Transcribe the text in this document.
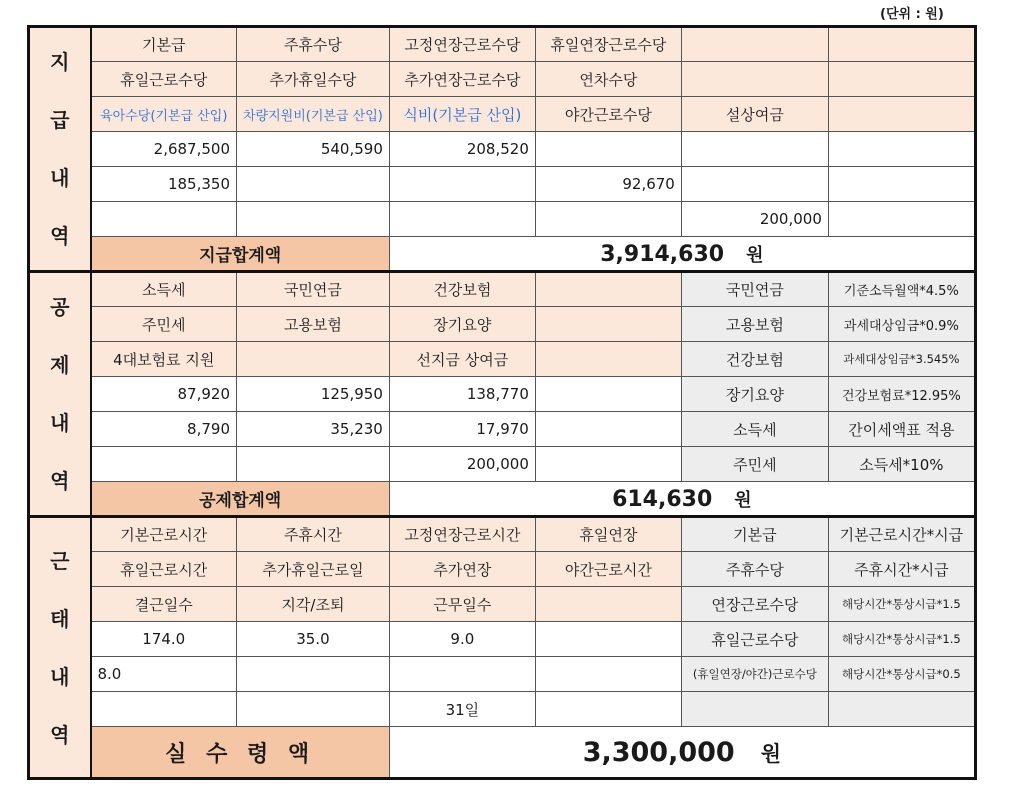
(단위 : 원)
지
급
내
역	기본급	주휴수당	고정연장근로수당	휴일연장근로수당		
	휴일근로수당	추가휴일수당	추가연장근로수당	연차수당		
	육아수당(기본급 산입)	차량지원비(기본급 산입)	식비(기본급 산입)	야간근로수당	설상여금	
	2,687,500	540,590	208,520			
	185,350			92,670		
					200,000	
	지급합계액		3,914,630 원			
공
제
내
역	소득세	국민연금	건강보험		국민연금	기준소득월액*4.5%
	주민세	고용보험	장기요양		고용보험	과세대상임금*0.9%
	4대보험료 지원		선지금 상여금		건강보험	과세대상임금*3.545%
	87,920	125,950	138,770		장기요양	건강보험료*12.95%
	8,790	35,230	17,970		소득세	간이세액표 적용
			200,000		주민세	소득세*10%
	공제합계액		614,630 원			
근
태
내
역	기본근로시간	주휴시간	고정연장근로시간	휴일연장	기본급	기본근로시간*시급
	휴일근로시간	추가휴일근로일	추가연장	야간근로시간	주휴수당	주휴시간*시급
	결근일수	지각/조퇴	근무일수		연장근로수당	해당시간*통상시급*1.5
	174.0	35.0	9.0		휴일근로수당	해당시간*통상시급*1.5
	8.0				(휴일연장/야간)근로수당	해당시간*통상시급*0.5
			31일			
	실 수 령 액		3,300,000 원			
